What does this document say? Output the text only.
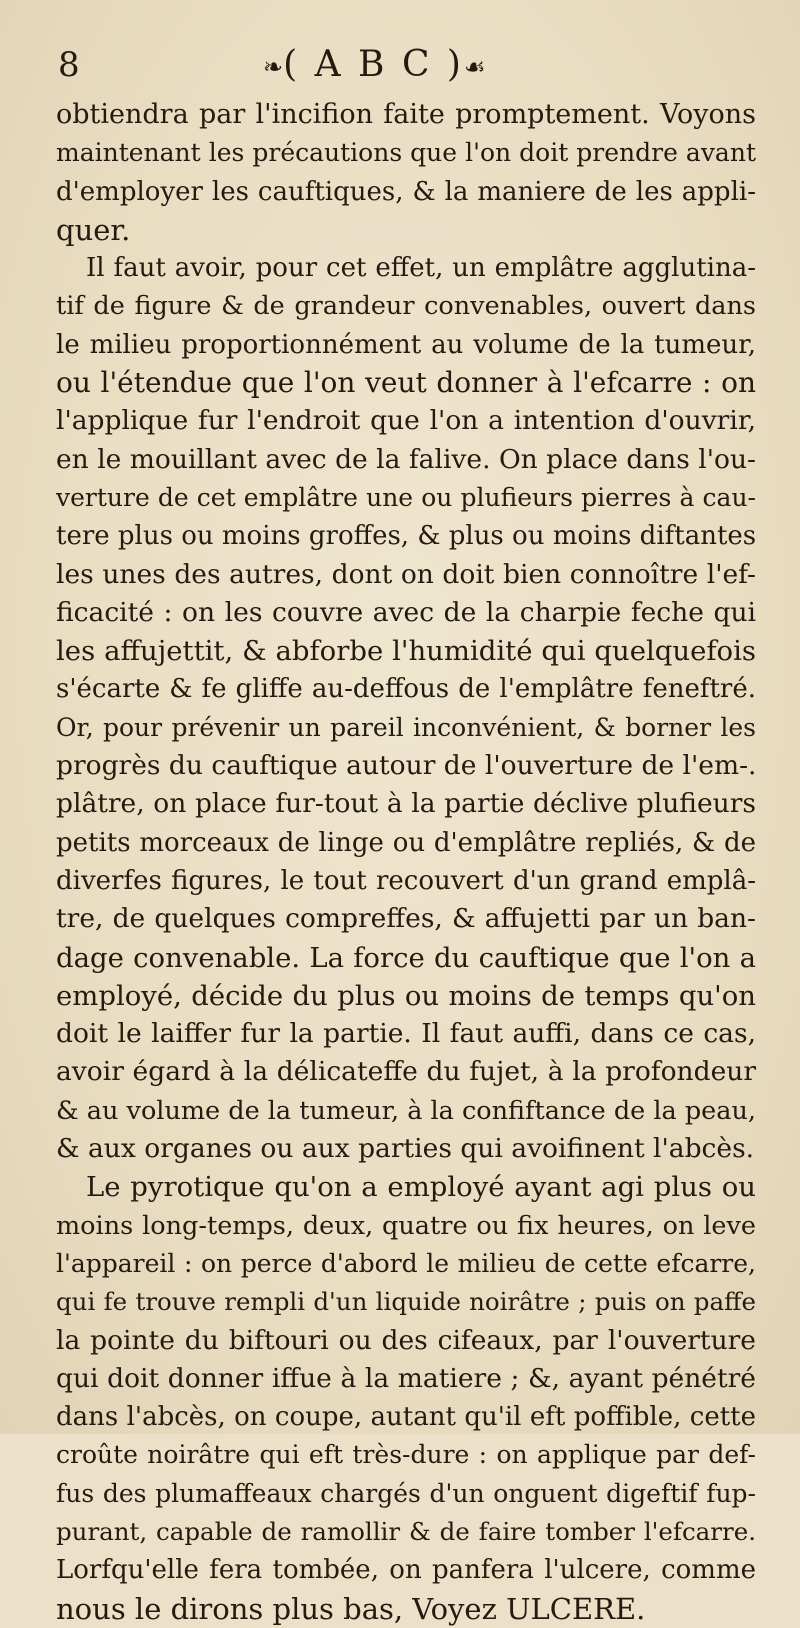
8	❧( A B C )☙
obtiendra par l'incifion faite promptement. Voyons
maintenant les précautions que l'on doit prendre avant
d'employer les cauftiques, & la maniere de les appli-
quer.
Il faut avoir, pour cet effet, un emplâtre agglutina-
tif de figure & de grandeur convenables, ouvert dans
le milieu proportionnément au volume de la tumeur,
ou l'étendue que l'on veut donner à l'efcarre : on
l'applique fur l'endroit que l'on a intention d'ouvrir,
en le mouillant avec de la falive. On place dans l'ou-
verture de cet emplâtre une ou plufieurs pierres à cau-
tere plus ou moins groffes, & plus ou moins diftantes
les unes des autres, dont on doit bien connoître l'ef-
ficacité : on les couvre avec de la charpie feche qui
les affujettit, & abforbe l'humidité qui quelquefois
s'écarte & fe gliffe au-deffous de l'emplâtre feneftré.
Or, pour prévenir un pareil inconvénient, & borner les
progrès du cauftique autour de l'ouverture de l'em-.
plâtre, on place fur-tout à la partie déclive plufieurs
petits morceaux de linge ou d'emplâtre repliés, & de
diverfes figures, le tout recouvert d'un grand emplâ-
tre, de quelques compreffes, & affujetti par un ban-
dage convenable. La force du cauftique que l'on a
employé, décide du plus ou moins de temps qu'on
doit le laiffer fur la partie. Il faut auffi, dans ce cas,
avoir égard à la délicateffe du fujet, à la profondeur
& au volume de la tumeur, à la confiftance de la peau,
& aux organes ou aux parties qui avoifinent l'abcès.
Le pyrotique qu'on a employé ayant agi plus ou
moins long-temps, deux, quatre ou fix heures, on leve
l'appareil : on perce d'abord le milieu de cette efcarre,
qui fe trouve rempli d'un liquide noirâtre ; puis on paffe
la pointe du biftouri ou des cifeaux, par l'ouverture
qui doit donner iffue à la matiere ; &, ayant pénétré
dans l'abcès, on coupe, autant qu'il eft poffible, cette
croûte noirâtre qui eft très-dure : on applique par def-
fus des plumaffeaux chargés d'un onguent digeftif fup-
purant, capable de ramollir & de faire tomber l'efcarre.
Lorfqu'elle fera tombée, on panfera l'ulcere, comme
nous le dirons plus bas, Voyez ULCERE.
